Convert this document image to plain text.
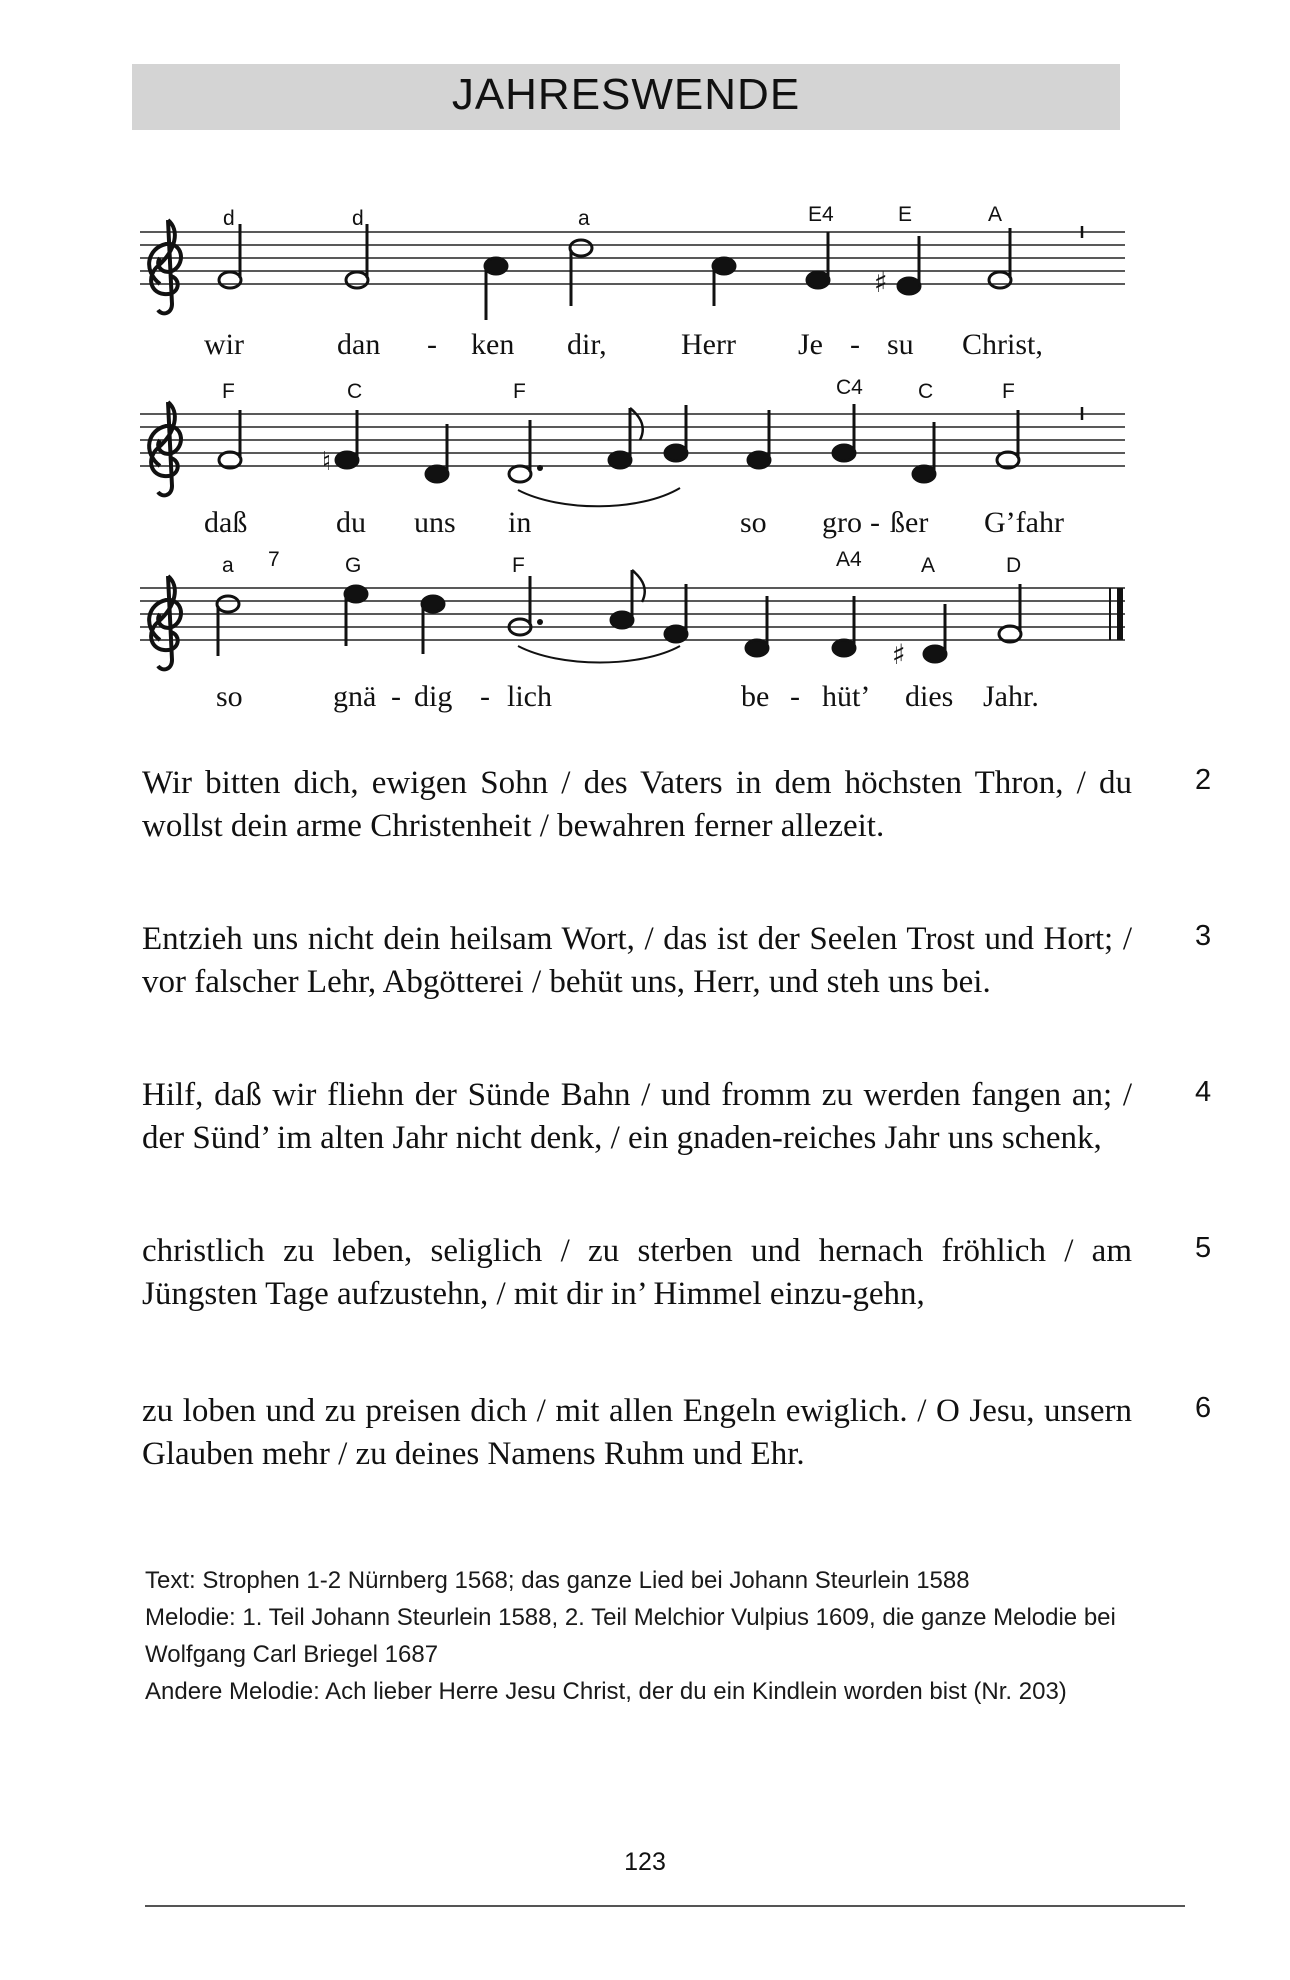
JAHRESWENDE
♯
d	d	a	E4	E	A
wir	dan - ken dir, Herr Je - su Christ,
♮
F	C	F	C4	C	F
daß	du uns in	so gro - ßer G’fahr
♯
a 7	G	F	A4	A	D
so	gnä - dig - lich	be - hüt’ dies Jahr.
Wir bitten dich, ewigen Sohn / des Vaters in dem höchsten Thron, / du wollst dein arme Christenheit / bewahren ferner allezeit.
2
Entzieh uns nicht dein heilsam Wort, / das ist der Seelen Trost und Hort; / vor falscher Lehr, Abgötterei / behüt uns, Herr, und steh uns bei.
3
Hilf, daß wir fliehn der Sünde Bahn / und fromm zu werden fangen an; / der Sünd’ im alten Jahr nicht denk, / ein gnaden-reiches Jahr uns schenk,
4
christlich zu leben, seliglich / zu sterben und hernach fröhlich / am Jüngsten Tage aufzustehn, / mit dir in’ Himmel einzu-gehn,
5
zu loben und zu preisen dich / mit allen Engeln ewiglich. / O Jesu, unsern Glauben mehr / zu deines Namens Ruhm und Ehr.
6
Text: Strophen 1-2 Nürnberg 1568; das ganze Lied bei Johann Steurlein 1588
Melodie: 1. Teil Johann Steurlein 1588, 2. Teil Melchior Vulpius 1609, die ganze Melodie bei Wolfgang Carl Briegel 1687
Andere Melodie: Ach lieber Herre Jesu Christ, der du ein Kindlein worden bist (Nr. 203)
123
